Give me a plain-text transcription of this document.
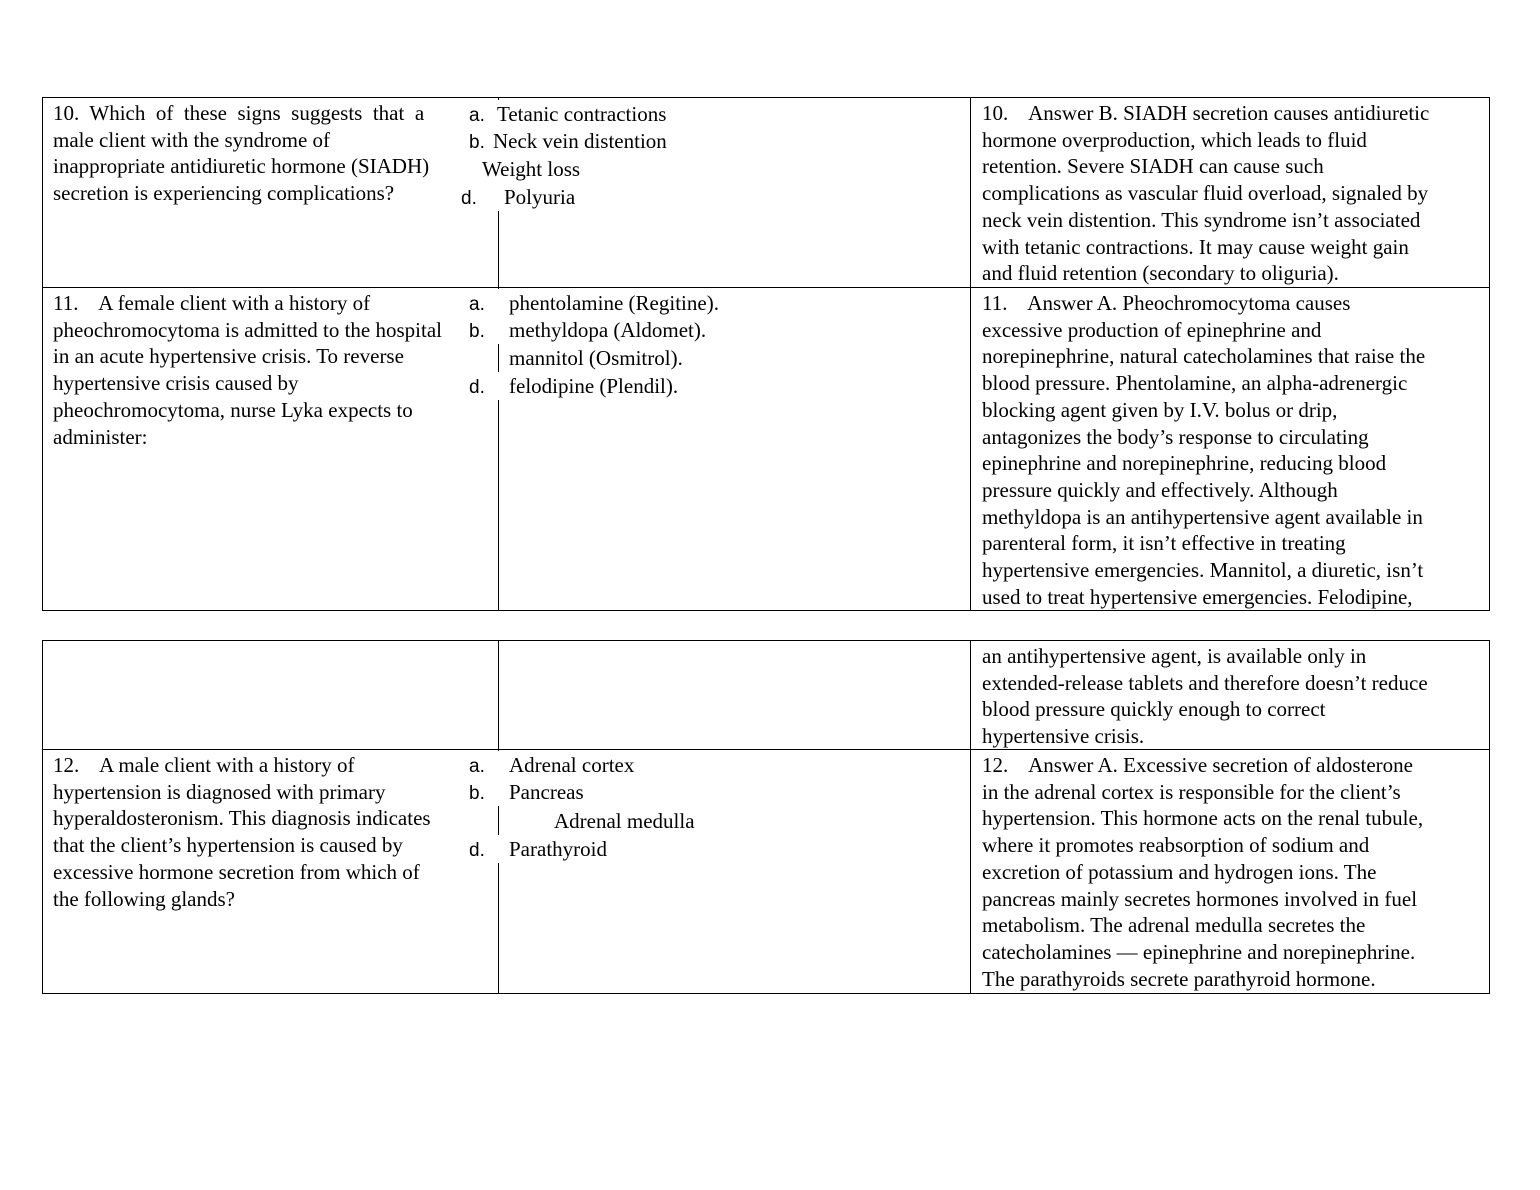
10.  Which  of  these  signs  suggests  that  a
male client with the syndrome of
inappropriate antidiuretic hormone (SIADH)
secretion is experiencing complications?
10.    Answer B. SIADH secretion causes antidiuretic
hormone overproduction, which leads to fluid
retention. Severe SIADH can cause such
complications as vascular fluid overload, signaled by
neck vein distention. This syndrome isn’t associated
with tetanic contractions. It may cause weight gain
and fluid retention (secondary to oliguria).
a. Tetanic contractions
b. Neck vein distention
Weight loss
d. Polyuria
11.    A female client with a history of
pheochromocytoma is admitted to the hospital
in an acute hypertensive crisis. To reverse
hypertensive crisis caused by
pheochromocytoma, nurse Lyka expects to
administer:
11.    Answer A. Pheochromocytoma causes
excessive production of epinephrine and
norepinephrine, natural catecholamines that raise the
blood pressure. Phentolamine, an alpha-adrenergic
blocking agent given by I.V. bolus or drip,
antagonizes the body’s response to circulating
epinephrine and norepinephrine, reducing blood
pressure quickly and effectively. Although
methyldopa is an antihypertensive agent available in
parenteral form, it isn’t effective in treating
hypertensive emergencies. Mannitol, a diuretic, isn’t
used to treat hypertensive emergencies. Felodipine,
a. phentolamine (Regitine).
b. methyldopa (Aldomet).
mannitol (Osmitrol).
d. felodipine (Plendil).
an antihypertensive agent, is available only in
extended-release tablets and therefore doesn’t reduce
blood pressure quickly enough to correct
hypertensive crisis.
12.    A male client with a history of
hypertension is diagnosed with primary
hyperaldosteronism. This diagnosis indicates
that the client’s hypertension is caused by
excessive hormone secretion from which of
the following glands?
12.    Answer A. Excessive secretion of aldosterone
in the adrenal cortex is responsible for the client’s
hypertension. This hormone acts on the renal tubule,
where it promotes reabsorption of sodium and
excretion of potassium and hydrogen ions. The
pancreas mainly secretes hormones involved in fuel
metabolism. The adrenal medulla secretes the
catecholamines — epinephrine and norepinephrine.
The parathyroids secrete parathyroid hormone.
a. Adrenal cortex
b. Pancreas
Adrenal medulla
d. Parathyroid
